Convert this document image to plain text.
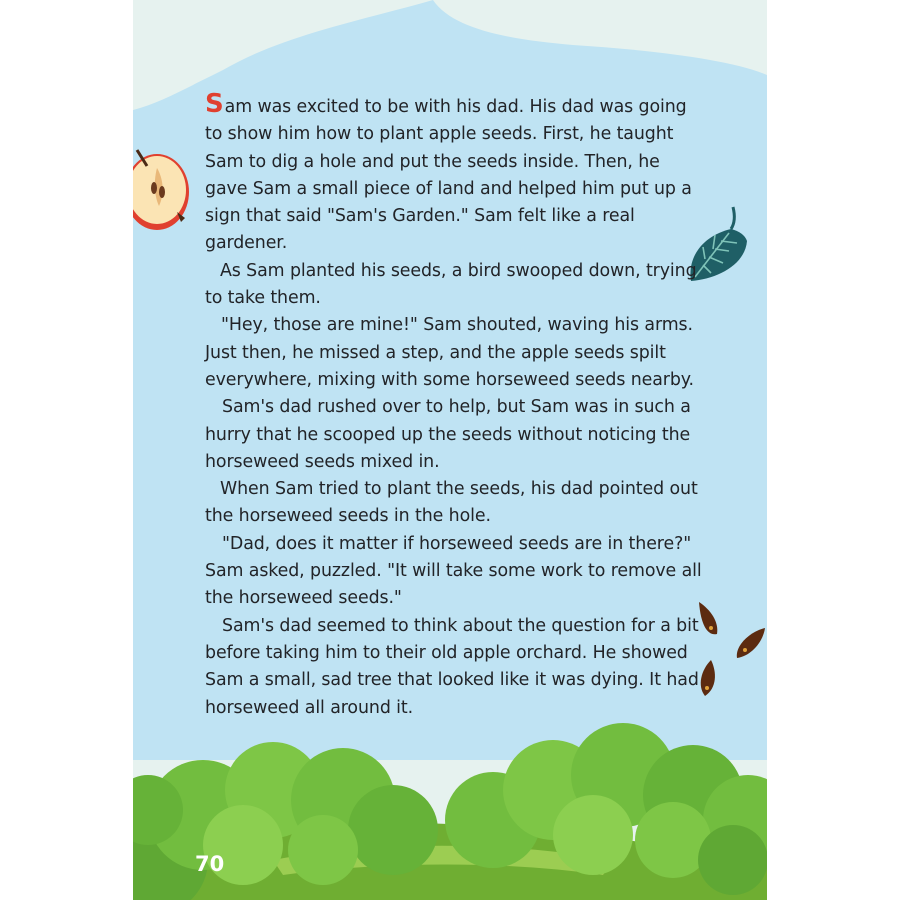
Sam was excited to be with his dad. His dad was going to show him how to plant apple seeds. First, he taught Sam to dig a hole and put the seeds inside. Then, he gave Sam a small piece of land and helped him put up a sign that said "Sam's Garden." Sam felt like a real gardener.

As Sam planted his seeds, a bird swooped down, trying to take them.

"Hey, those are mine!" Sam shouted, waving his arms. Just then, he missed a step, and the apple seeds spilt everywhere, mixing with some horseweed seeds nearby.

Sam's dad rushed over to help, but Sam was in such a hurry that he scooped up the seeds without noticing the horseweed seeds mixed in.

When Sam tried to plant the seeds, his dad pointed out the horseweed seeds in the hole.

"Dad, does it matter if horseweed seeds are in there?" Sam asked, puzzled. "It will take some work to remove all the horseweed seeds."

Sam's dad seemed to think about the question for a bit before taking him to their old apple orchard. He showed Sam a small, sad tree that looked like it was dying. It had horseweed all around it.

70
